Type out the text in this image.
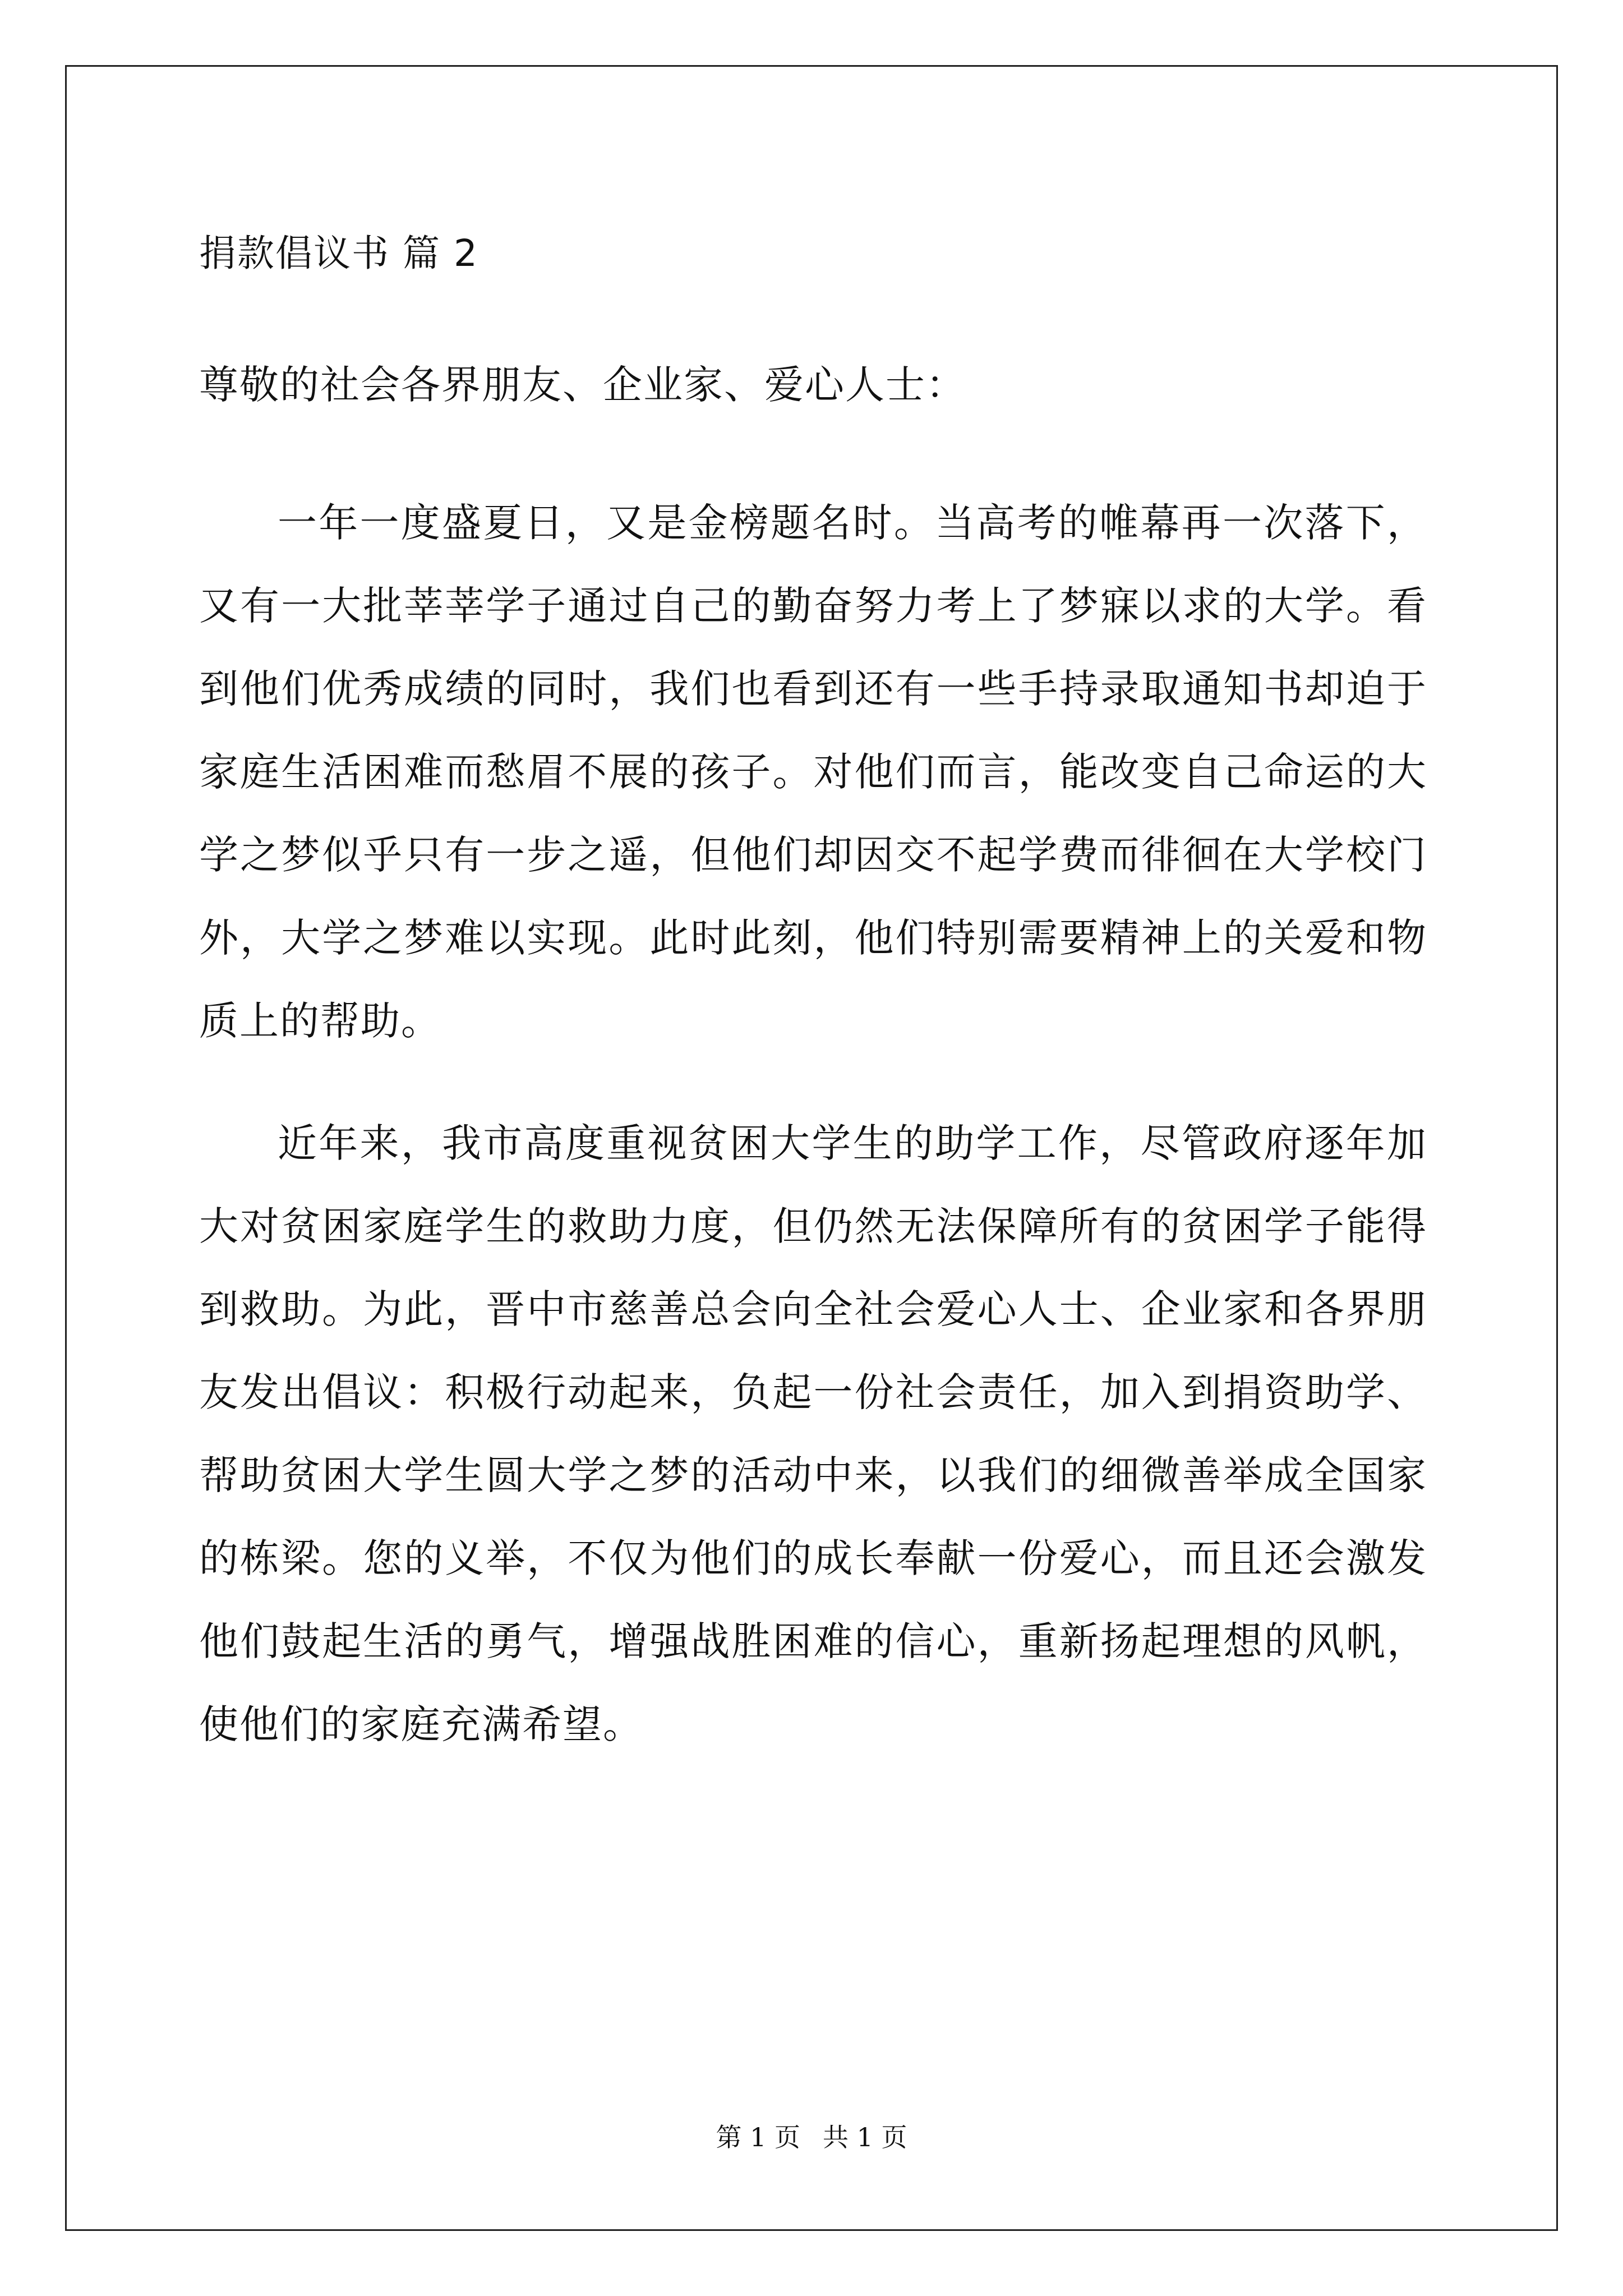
捐款倡议书 篇 2
尊敬的社会各界朋友、企业家、爱心人士：

一年一度盛夏日，又是金榜题名时。当高考的帷幕再一次落下，又有一大批莘莘学子通过自己的勤奋努力考上了梦寐以求的大学。看到他们优秀成绩的同时，我们也看到还有一些手持录取通知书却迫于家庭生活困难而愁眉不展的孩子。对他们而言，能改变自己命运的大学之梦似乎只有一步之遥，但他们却因交不起学费而徘徊在大学校门外，大学之梦难以实现。此时此刻，他们特别需要精神上的关爱和物质上的帮助。

近年来，我市高度重视贫困大学生的助学工作，尽管政府逐年加大对贫困家庭学生的救助力度，但仍然无法保障所有的贫困学子能得到救助。为此，晋中市慈善总会向全社会爱心人士、企业家和各界朋友发出倡议：积极行动起来，负起一份社会责任，加入到捐资助学、帮助贫困大学生圆大学之梦的活动中来，以我们的细微善举成全国家的栋梁。您的义举，不仅为他们的成长奉献一份爱心，而且还会激发他们鼓起生活的勇气，增强战胜困难的信心，重新扬起理想的风帆，使他们的家庭充满希望。

第 1 页 共 1 页
